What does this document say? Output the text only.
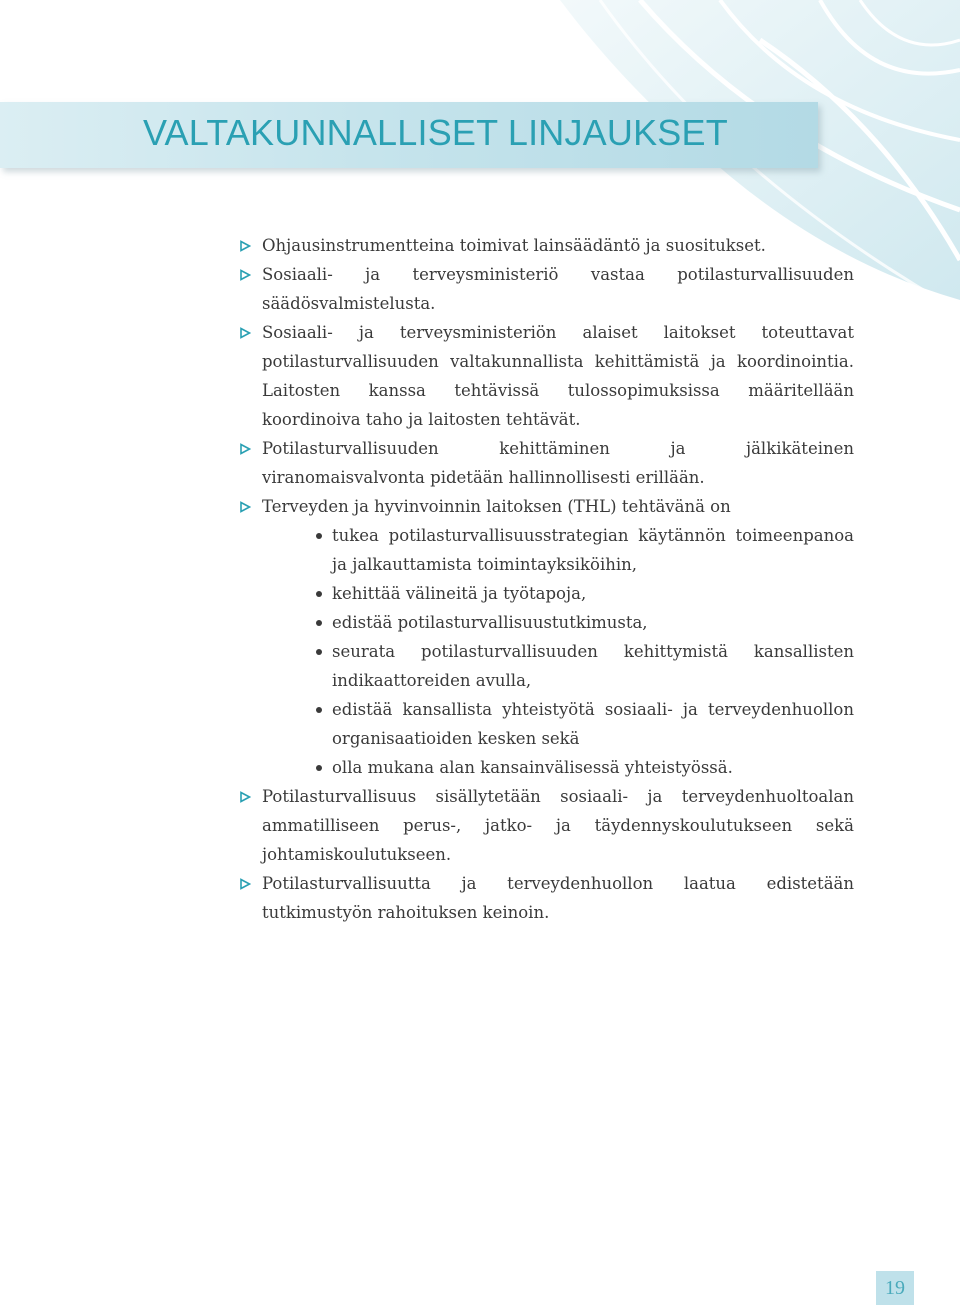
VALTAKUNNALLISET LINJAUKSET
Ohjausinstrumentteina toimivat lainsäädäntö ja suositukset.
Sosiaali- ja terveysministeriö vastaa potilasturvallisuuden säädösvalmistelusta.
Sosiaali- ja terveysministeriön alaiset laitokset toteuttavat potilasturvallisuuden valtakunnallista kehittämistä ja koordinointia. Laitosten kanssa tehtävissä tulossopimuksissa määritellään koordinoiva taho ja laitosten tehtävät.
Potilasturvallisuuden kehittäminen ja jälkikäteinen viranomaisvalvonta pidetään hallinnollisesti erillään.
Terveyden ja hyvinvoinnin laitoksen (THL) tehtävänä on
tukea potilasturvallisuusstrategian käytännön toimeenpanoa ja jalkauttamista toimintayksiköihin,
kehittää välineitä ja työtapoja,
edistää potilasturvallisuustutkimusta,
seurata potilasturvallisuuden kehittymistä kansallisten indikaattoreiden avulla,
edistää kansallista yhteistyötä sosiaali- ja terveydenhuollon organisaatioiden kesken sekä
olla mukana alan kansainvälisessä yhteistyössä.
Potilasturvallisuus sisällytetään sosiaali- ja terveydenhuoltoalan ammatilliseen perus-, jatko- ja täydennyskoulutukseen sekä johtamiskoulutukseen.
Potilasturvallisuutta ja terveydenhuollon laatua edistetään tutkimustyön rahoituksen keinoin.
19
